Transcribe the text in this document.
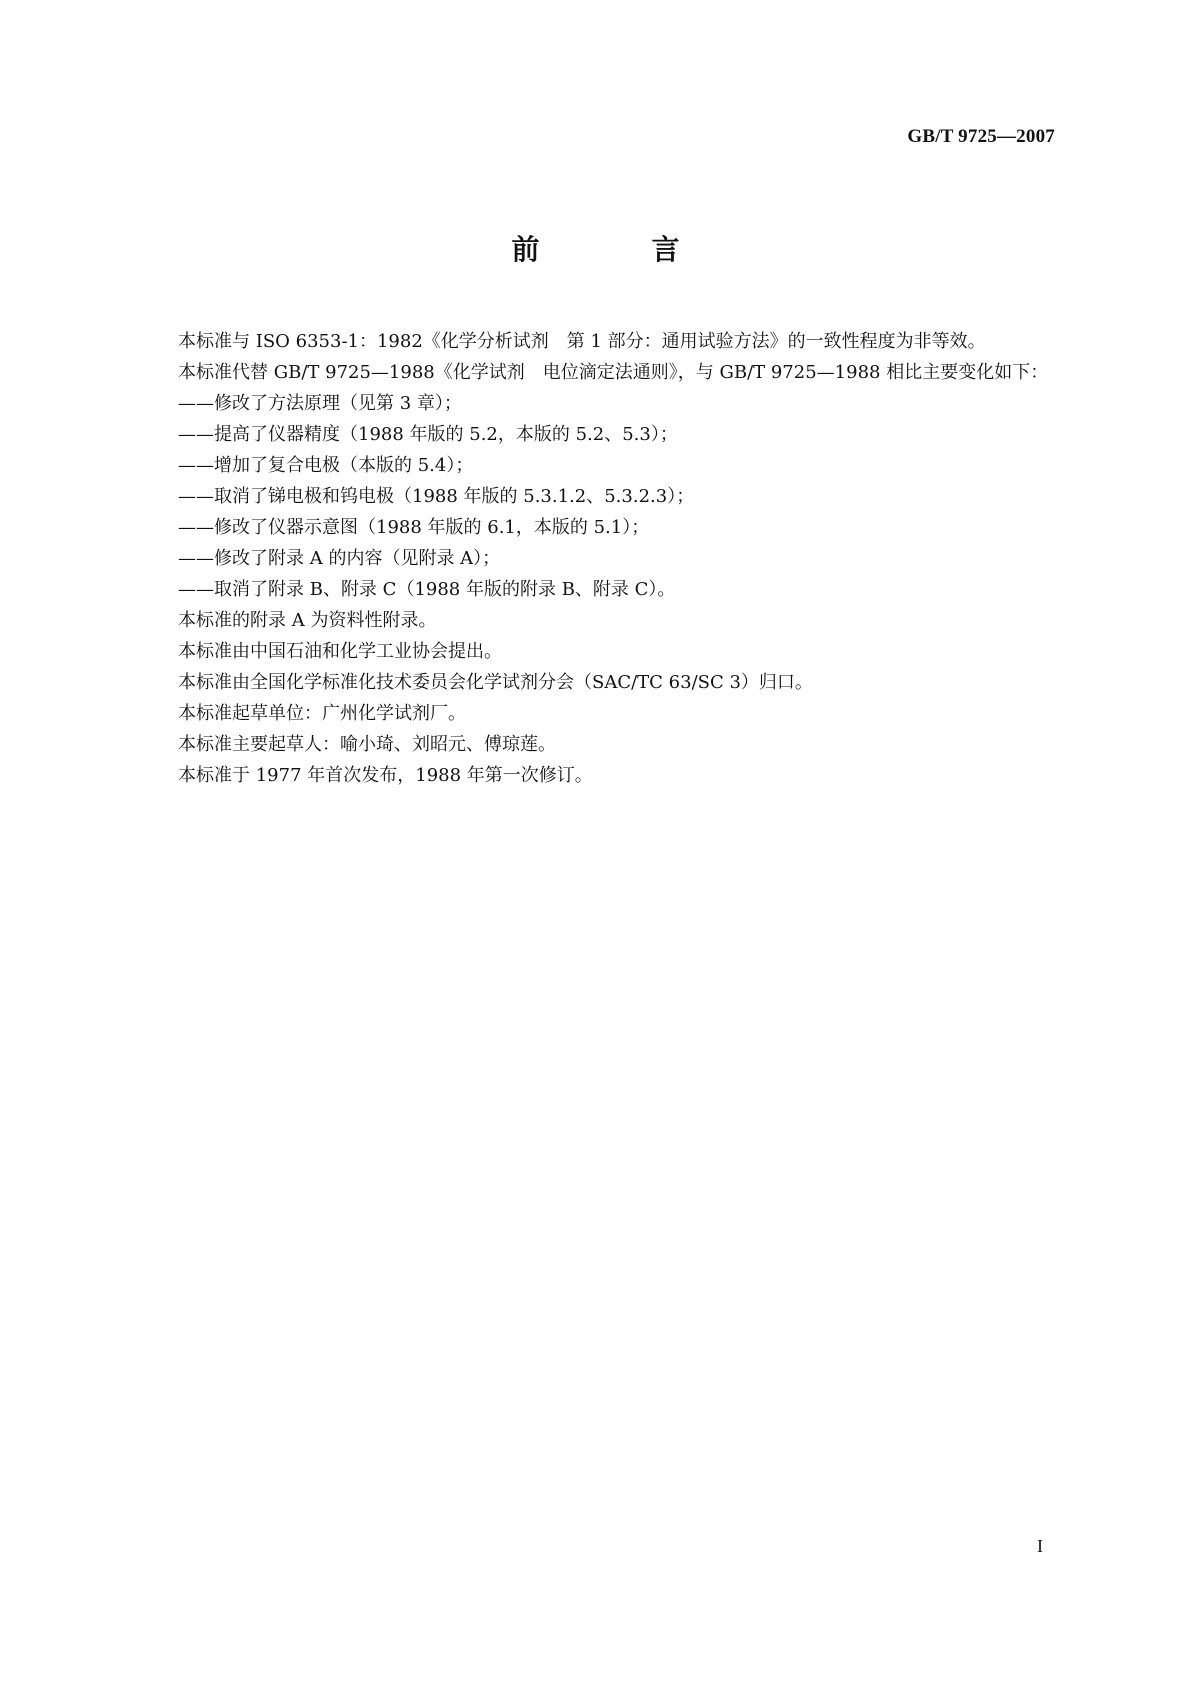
GB/T 9725—2007
前　言

本标准与 ISO 6353-1：1982《化学分析试剂　第 1 部分：通用试验方法》的一致性程度为非等效。

本标准代替 GB/T 9725—1988《化学试剂　电位滴定法通则》，与 GB/T 9725—1988 相比主要变化如下：

——修改了方法原理（见第 3 章）；

——提高了仪器精度（1988 年版的 5.2，本版的 5.2、5.3）；

——增加了复合电极（本版的 5.4）；

——取消了锑电极和钨电极（1988 年版的 5.3.1.2、5.3.2.3）；

——修改了仪器示意图（1988 年版的 6.1，本版的 5.1）；

——修改了附录 A 的内容（见附录 A）；

——取消了附录 B、附录 C（1988 年版的附录 B、附录 C）。

本标准的附录 A 为资料性附录。

本标准由中国石油和化学工业协会提出。

本标准由全国化学标准化技术委员会化学试剂分会（SAC/TC 63/SC 3）归口。

本标准起草单位：广州化学试剂厂。

本标准主要起草人：喻小琦、刘昭元、傅琼莲。

本标准于 1977 年首次发布，1988 年第一次修订。

I
